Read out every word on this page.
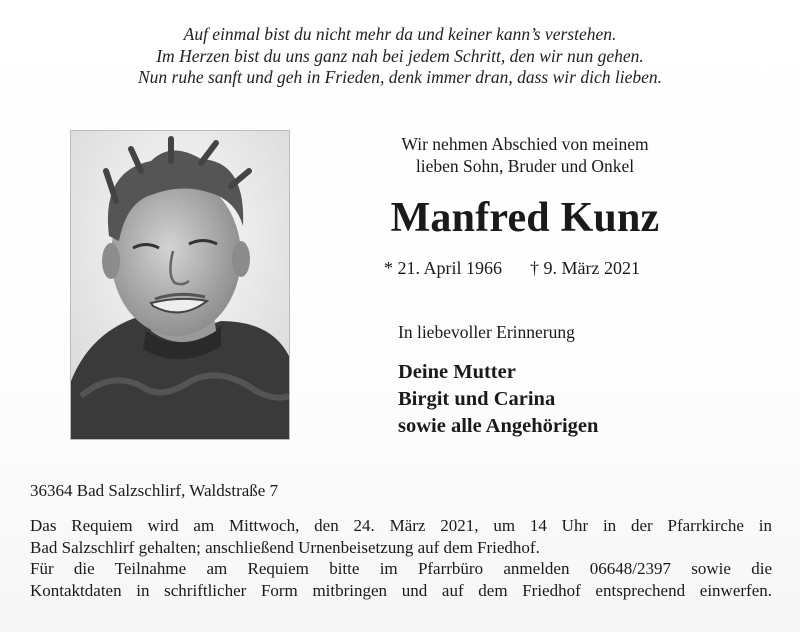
Auf einmal bist du nicht mehr da und keiner kann’s verstehen.
Im Herzen bist du uns ganz nah bei jedem Schritt, den wir nun gehen.
Nun ruhe sanft und geh in Frieden, denk immer dran, dass wir dich lieben.
Wir nehmen Abschied von meinem
lieben Sohn, Bruder und Onkel
Manfred Kunz
* 21. April 1966 † 9. März 2021
In liebevoller Erinnerung
Deine Mutter
Birgit und Carina
sowie alle Angehörigen
36364 Bad Salzschlirf, Waldstraße 7
Das Requiem wird am Mittwoch, den 24. März 2021, um 14 Uhr in der Pfarrkirche in
Bad Salzschlirf gehalten; anschließend Urnenbeisetzung auf dem Friedhof.
Für die Teilnahme am Requiem bitte im Pfarrbüro anmelden 06648/2397 sowie die
Kontaktdaten in schriftlicher Form mitbringen und auf dem Friedhof entsprechend einwerfen.
